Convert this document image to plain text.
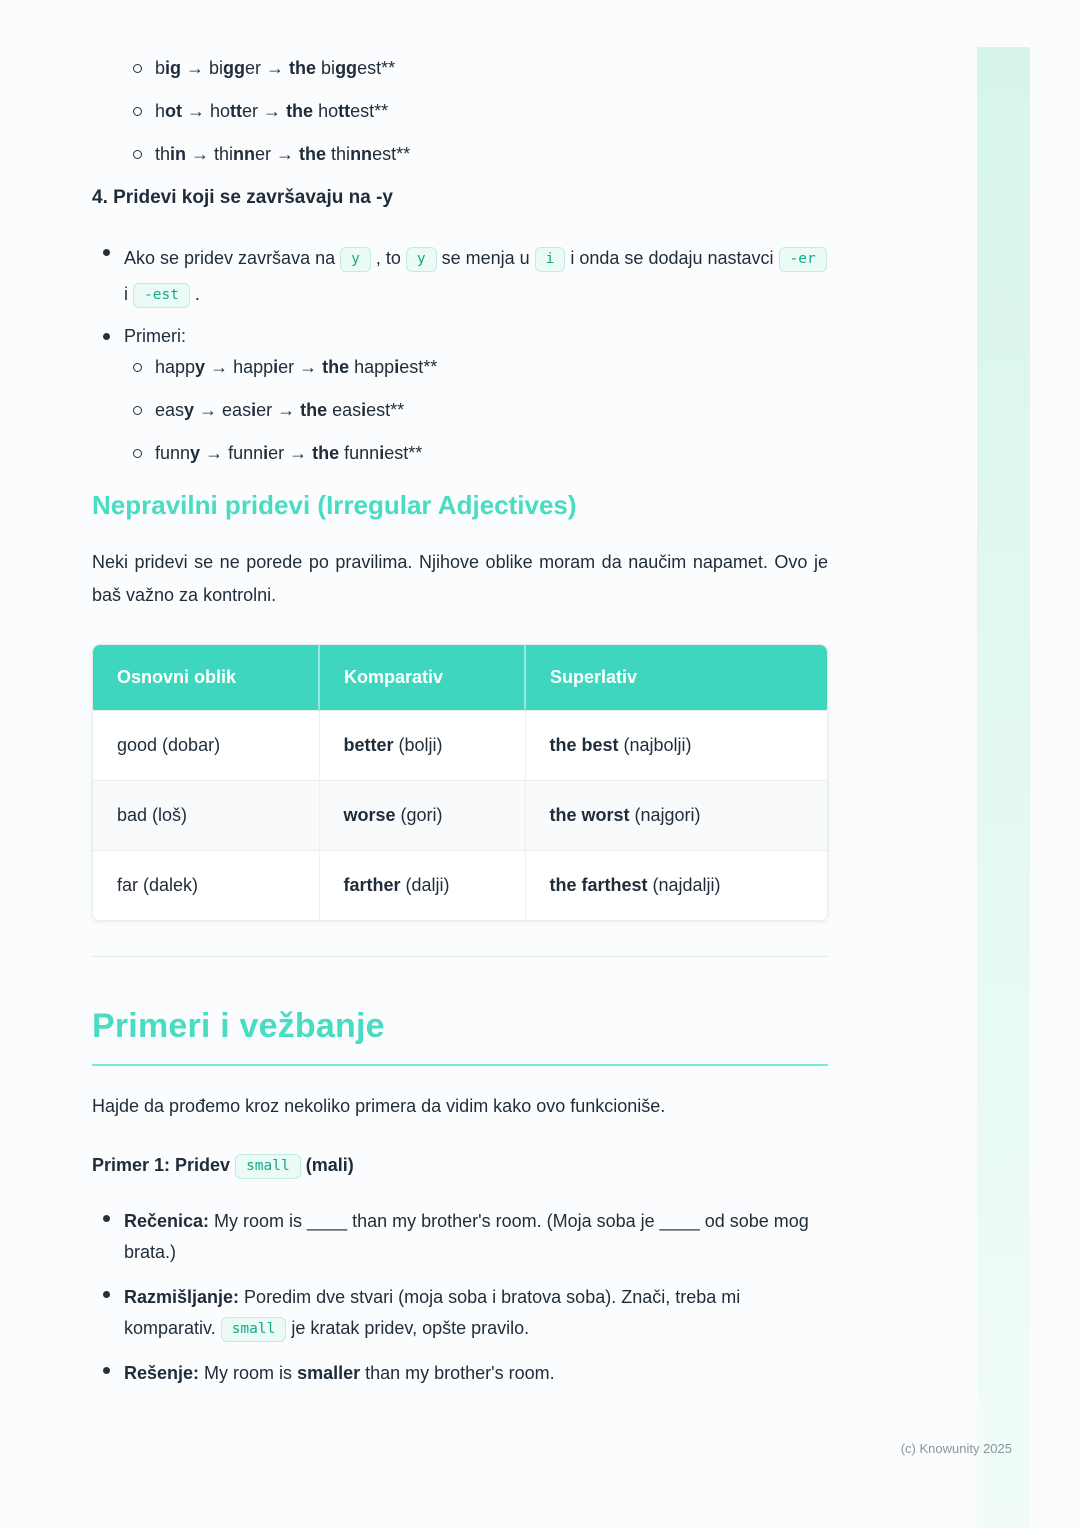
big → bigger → the biggest**
hot → hotter → the hottest**
thin → thinner → the thinnest**
4. Pridevi koji se završavaju na -y
Ako se pridev završava na y , to y se menja u i i onda se dodaju nastavci -er i -est .
Primeri:
happy → happier → the happiest**
easy → easier → the easiest**
funny → funnier → the funniest**
Nepravilni pridevi (Irregular Adjectives)

Neki pridevi se ne porede po pravilima. Njihove oblike moram da naučim napamet. Ovo je baš važno za kontrolni.

Osnovni oblik	Komparativ	Superlativ
good (dobar)	better (bolji)	the best (najbolji)
bad (loš)	worse (gori)	the worst (najgori)
far (dalek)	farther (dalji)	the farthest (najdalji)
Primeri i vežbanje

Hajde da prođemo kroz nekoliko primera da vidim kako ovo funkcioniše.

Primer 1: Pridev small (mali)

Rečenica: My room is ____ than my brother's room. (Moja soba je ____ od sobe mog brata.)
Razmišljanje: Poredim dve stvari (moja soba i bratova soba). Znači, treba mi komparativ. small je kratak pridev, opšte pravilo.
Rešenje: My room is smaller than my brother's room.
(c) Knowunity 2025
